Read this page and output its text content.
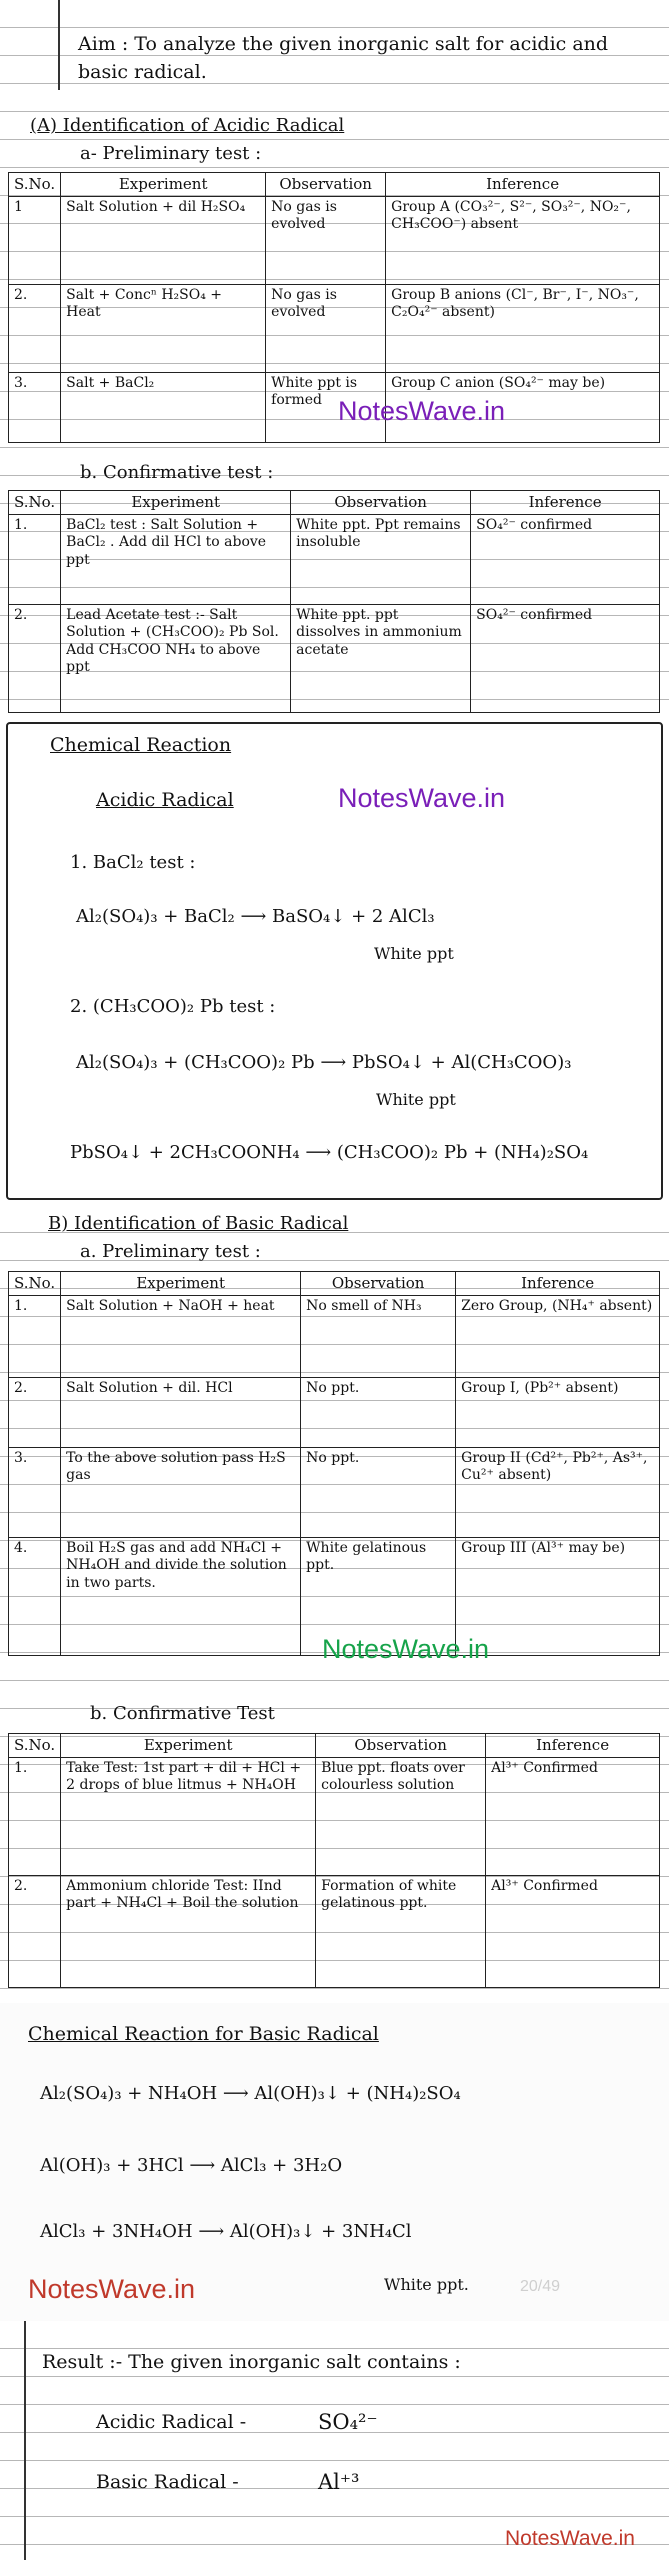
Aim : To analyze the given inorganic salt for acidic and basic radical.
(A) Identification of Acidic Radical
a- Preliminary test :
S.No.	Experiment	Observation	Inference
1	Salt Solution + dil H₂SO₄	No gas is evolved	Group A (CO₃²⁻, S²⁻, SO₃²⁻, NO₂⁻, CH₃COO⁻) absent
2.	Salt + Concⁿ H₂SO₄ + Heat	No gas is evolved	Group B anions (Cl⁻, Br⁻, I⁻, NO₃⁻, C₂O₄²⁻ absent)
3.	Salt + BaCl₂	White ppt is formed	Group C anion (SO₄²⁻ may be)
b. Confirmative test :
NotesWave.in
S.No.	Experiment	Observation	Inference
1.	BaCl₂ test : Salt Solution + BaCl₂ . Add dil HCl to above ppt	White ppt. Ppt remains insoluble	SO₄²⁻ confirmed
2.	Lead Acetate test :- Salt Solution + (CH₃COO)₂ Pb Sol. Add CH₃COO NH₄ to above ppt	White ppt. ppt dissolves in ammonium acetate	SO₄²⁻ confirmed
Chemical Reaction
Acidic Radical	NotesWave.in
1. BaCl₂ test :
Al₂(SO₄)₃ + BaCl₂ ⟶ BaSO₄↓ + 2 AlCl₃
White ppt
2. (CH₃COO)₂ Pb test :
Al₂(SO₄)₃ + (CH₃COO)₂ Pb ⟶ PbSO₄↓ + Al(CH₃COO)₃
White ppt
PbSO₄↓ + 2CH₃COONH₄ ⟶ (CH₃COO)₂ Pb + (NH₄)₂SO₄
B) Identification of Basic Radical
a. Preliminary test :
S.No.	Experiment	Observation	Inference
1.	Salt Solution + NaOH + heat	No smell of NH₃	Zero Group, (NH₄⁺ absent)
2.	Salt Solution + dil. HCl	No ppt.	Group I, (Pb²⁺ absent)
3.	To the above solution pass H₂S gas	No ppt.	Group II (Cd²⁺, Pb²⁺, As³⁺, Cu²⁺ absent)
4.	Boil H₂S gas and add NH₄Cl + NH₄OH and divide the solution in two parts.	White gelatinous ppt.	Group III (Al³⁺ may be)
NotesWave.in
b. Confirmative Test
S.No.	Experiment	Observation	Inference
1.	Take Test: 1st part + dil + HCl + 2 drops of blue litmus + NH₄OH	Blue ppt. floats over colourless solution	Al³⁺ Confirmed
2.	Ammonium chloride Test: IInd part + NH₄Cl + Boil the solution	Formation of white gelatinous ppt.	Al³⁺ Confirmed
Chemical Reaction for Basic Radical
Al₂(SO₄)₃ + NH₄OH ⟶ Al(OH)₃↓ + (NH₄)₂SO₄
Al(OH)₃ + 3HCl ⟶ AlCl₃ + 3H₂O
AlCl₃ + 3NH₄OH ⟶ Al(OH)₃↓ + 3NH₄Cl
NotesWave.in	White ppt.	20/49
Result :- The given inorganic salt contains :
Acidic Radical -	SO₄²⁻
Basic Radical -	Al⁺³
NotesWave.in
